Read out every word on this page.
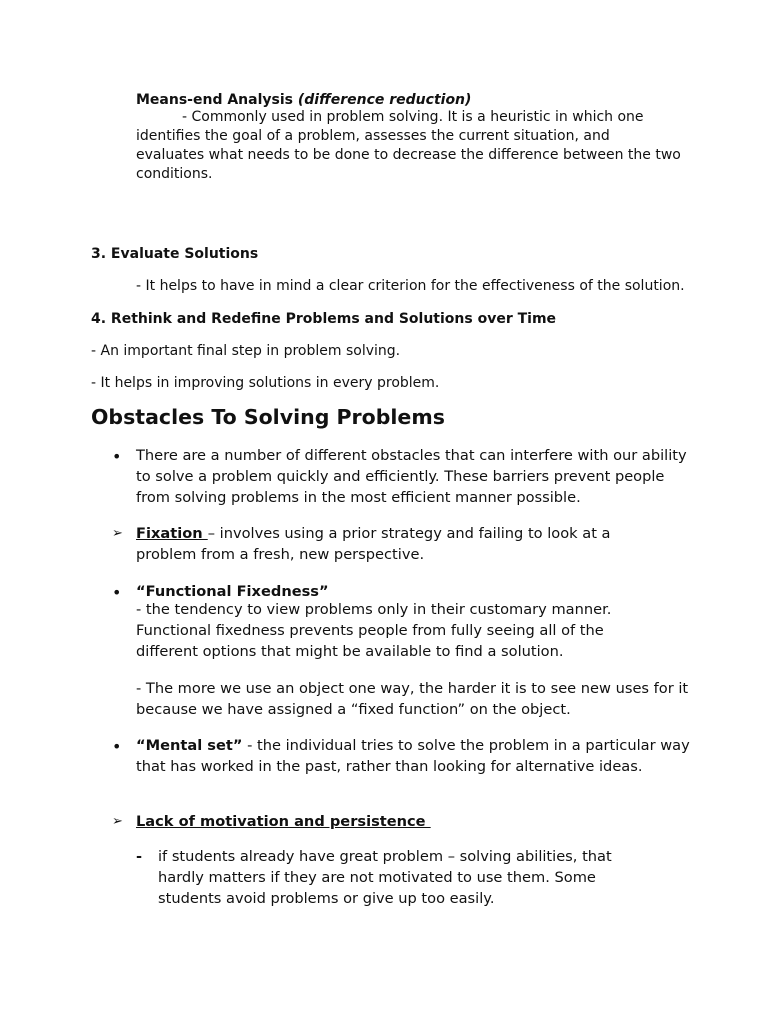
Means-end Analysis (difference reduction)
- Commonly used in problem solving. It is a heuristic in which one
identifies the goal of a problem, assesses the current situation, and evaluates what needs to be done to decrease the difference between the two conditions.
3. Evaluate Solutions
- It helps to have in mind a clear criterion for the effectiveness of the solution.
4. Rethink and Redefine Problems and Solutions over Time
- An important final step in problem solving.
- It helps in improving solutions in every problem.
Obstacles To Solving Problems
• There are a number of different obstacles that can interfere with our ability to solve a problem quickly and efficiently. These barriers prevent people from solving problems in the most efficient manner possible.
➢ Fixation – involves using a prior strategy and failing to look at a problem from a fresh, new perspective.
• “Functional Fixedness”
- the tendency to view problems only in their customary manner. Functional fixedness prevents people from fully seeing all of the different options that might be available to find a solution.
- The more we use an object one way, the harder it is to see new uses for it because we have assigned a “fixed function” on the object.
• “Mental set” - the individual tries to solve the problem in a particular way that has worked in the past, rather than looking for alternative ideas.
➢ Lack of motivation and persistence
- if students already have great problem – solving abilities, that hardly matters if they are not motivated to use them. Some students avoid problems or give up too easily.
